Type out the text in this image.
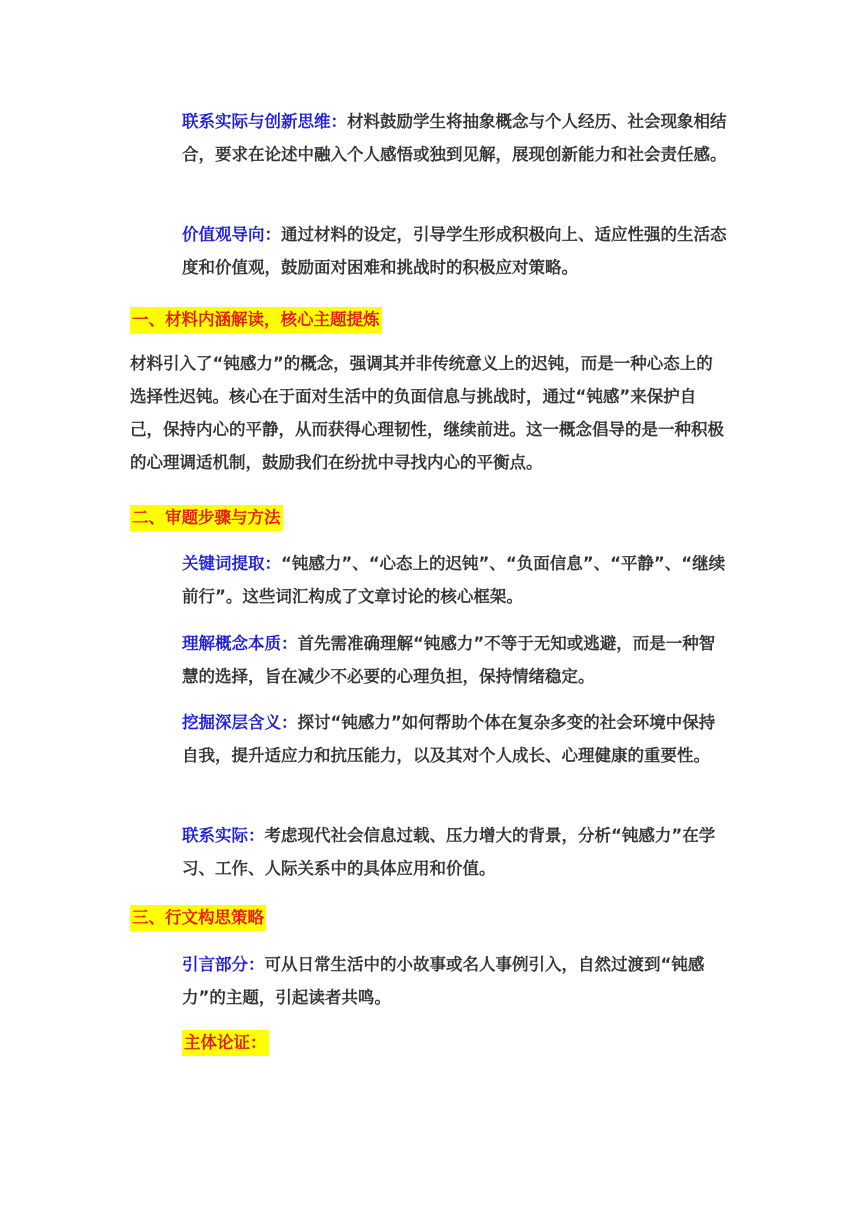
联系实际与创新思维：材料鼓励学生将抽象概念与个人经历、社会现象相结合，要求在论述中融入个人感悟或独到见解，展现创新能力和社会责任感。

价值观导向：通过材料的设定，引导学生形成积极向上、适应性强的生活态度和价值观，鼓励面对困难和挑战时的积极应对策略。

一、材料内涵解读，核心主题提炼

材料引入了“钝感力”的概念，强调其并非传统意义上的迟钝，而是一种心态上的选择性迟钝。核心在于面对生活中的负面信息与挑战时，通过“钝感”来保护自己，保持内心的平静，从而获得心理韧性，继续前进。这一概念倡导的是一种积极的心理调适机制，鼓励我们在纷扰中寻找内心的平衡点。

二、审题步骤与方法

关键词提取：“钝感力”、“心态上的迟钝”、“负面信息”、“平静”、“继续前行”。这些词汇构成了文章讨论的核心框架。

理解概念本质：首先需准确理解“钝感力”不等于无知或逃避，而是一种智慧的选择，旨在减少不必要的心理负担，保持情绪稳定。

挖掘深层含义：探讨“钝感力”如何帮助个体在复杂多变的社会环境中保持自我，提升适应力和抗压能力，以及其对个人成长、心理健康的重要性。

联系实际：考虑现代社会信息过载、压力增大的背景，分析“钝感力”在学习、工作、人际关系中的具体应用和价值。

三、行文构思策略

引言部分：可从日常生活中的小故事或名人事例引入，自然过渡到“钝感力”的主题，引起读者共鸣。

主体论证：
